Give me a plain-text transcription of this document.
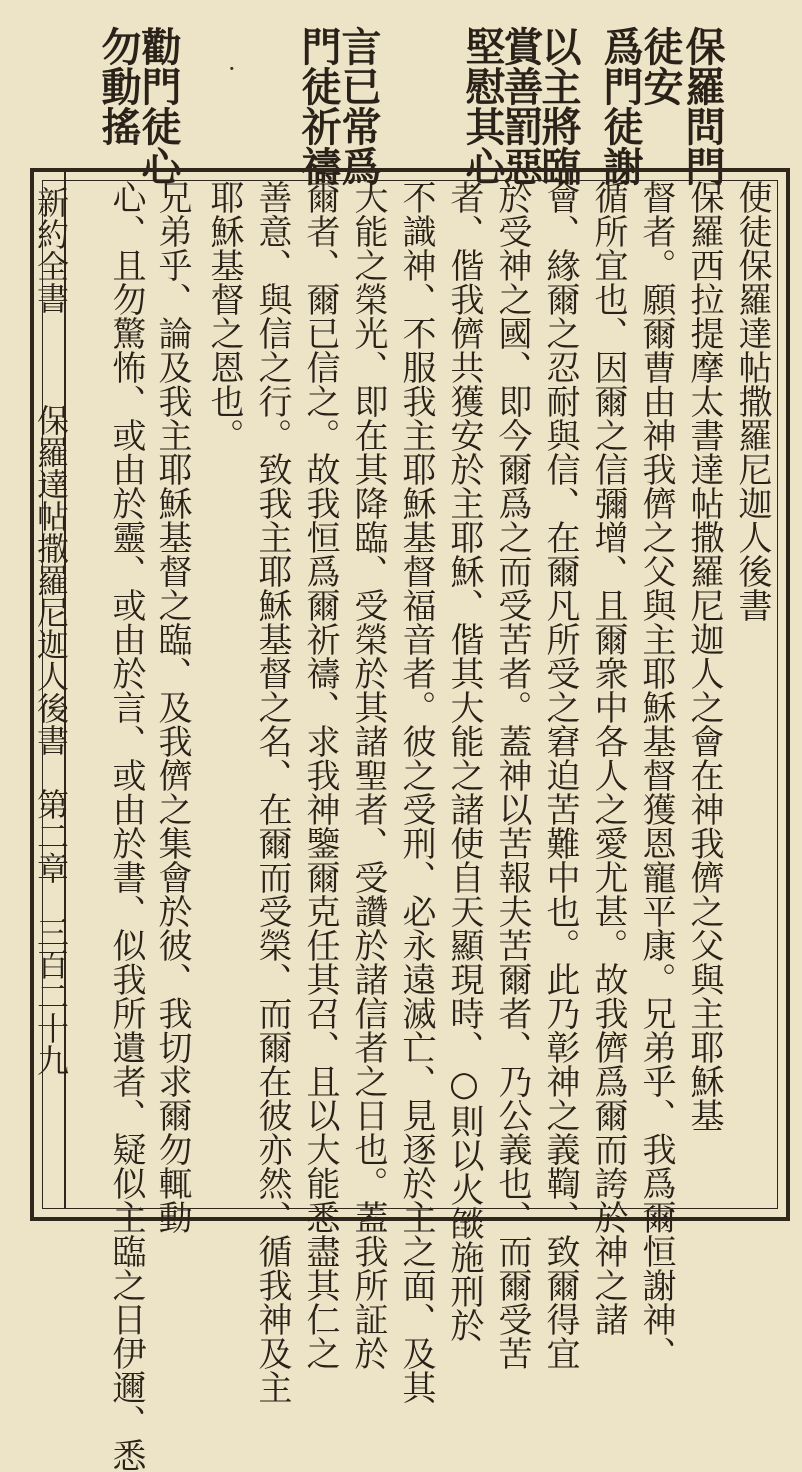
保羅問門
徒安
爲門徒謝
以主將臨
賞善罰惡
堅慰其心
言已常爲
門徒祈禱
·
勸門徒心
勿動搖
使徒保羅達帖撒羅尼迦人後書
保羅西拉提摩太書達帖撒羅尼迦人之會在神我儕之父與主耶穌基
督者。願爾曹由神我儕之父與主耶穌基督獲恩寵平康。兄弟乎、我爲爾恒謝神、
循所宜也、因爾之信彌增、且爾衆中各人之愛尤甚。故我儕爲爾而誇於神之諸
會、緣爾之忍耐與信、在爾凡所受之窘迫苦難中也。此乃彰神之義鞫、致爾得宜
於受神之國、即今爾爲之而受苦者。蓋神以苦報夫苦爾者、乃公義也、而爾受苦
者、偕我儕共獲安於主耶穌、偕其大能之諸使自天顯現時、○則以火燄施刑於
不識神、不服我主耶穌基督福音者。彼之受刑、必永遠滅亡、見逐於主之面、及其
大能之榮光、即在其降臨、受榮於其諸聖者、受讚於諸信者之日也。蓋我所証於
爾者、爾已信之。故我恒爲爾祈禱、求我神鑒爾克任其召、且以大能悉盡其仁之
善意、與信之行。致我主耶穌基督之名、在爾而受榮、而爾在彼亦然、循我神及主
耶穌基督之恩也。
兄弟乎、論及我主耶穌基督之臨、及我儕之集會於彼、我切求爾勿輒動
心、且勿驚怖、或由於靈、或由於言、或由於書、似我所遺者、疑似主臨之日伊邇、悉
新約全書
保羅達帖撒羅尼迦人後書　第二章　三百二十九
